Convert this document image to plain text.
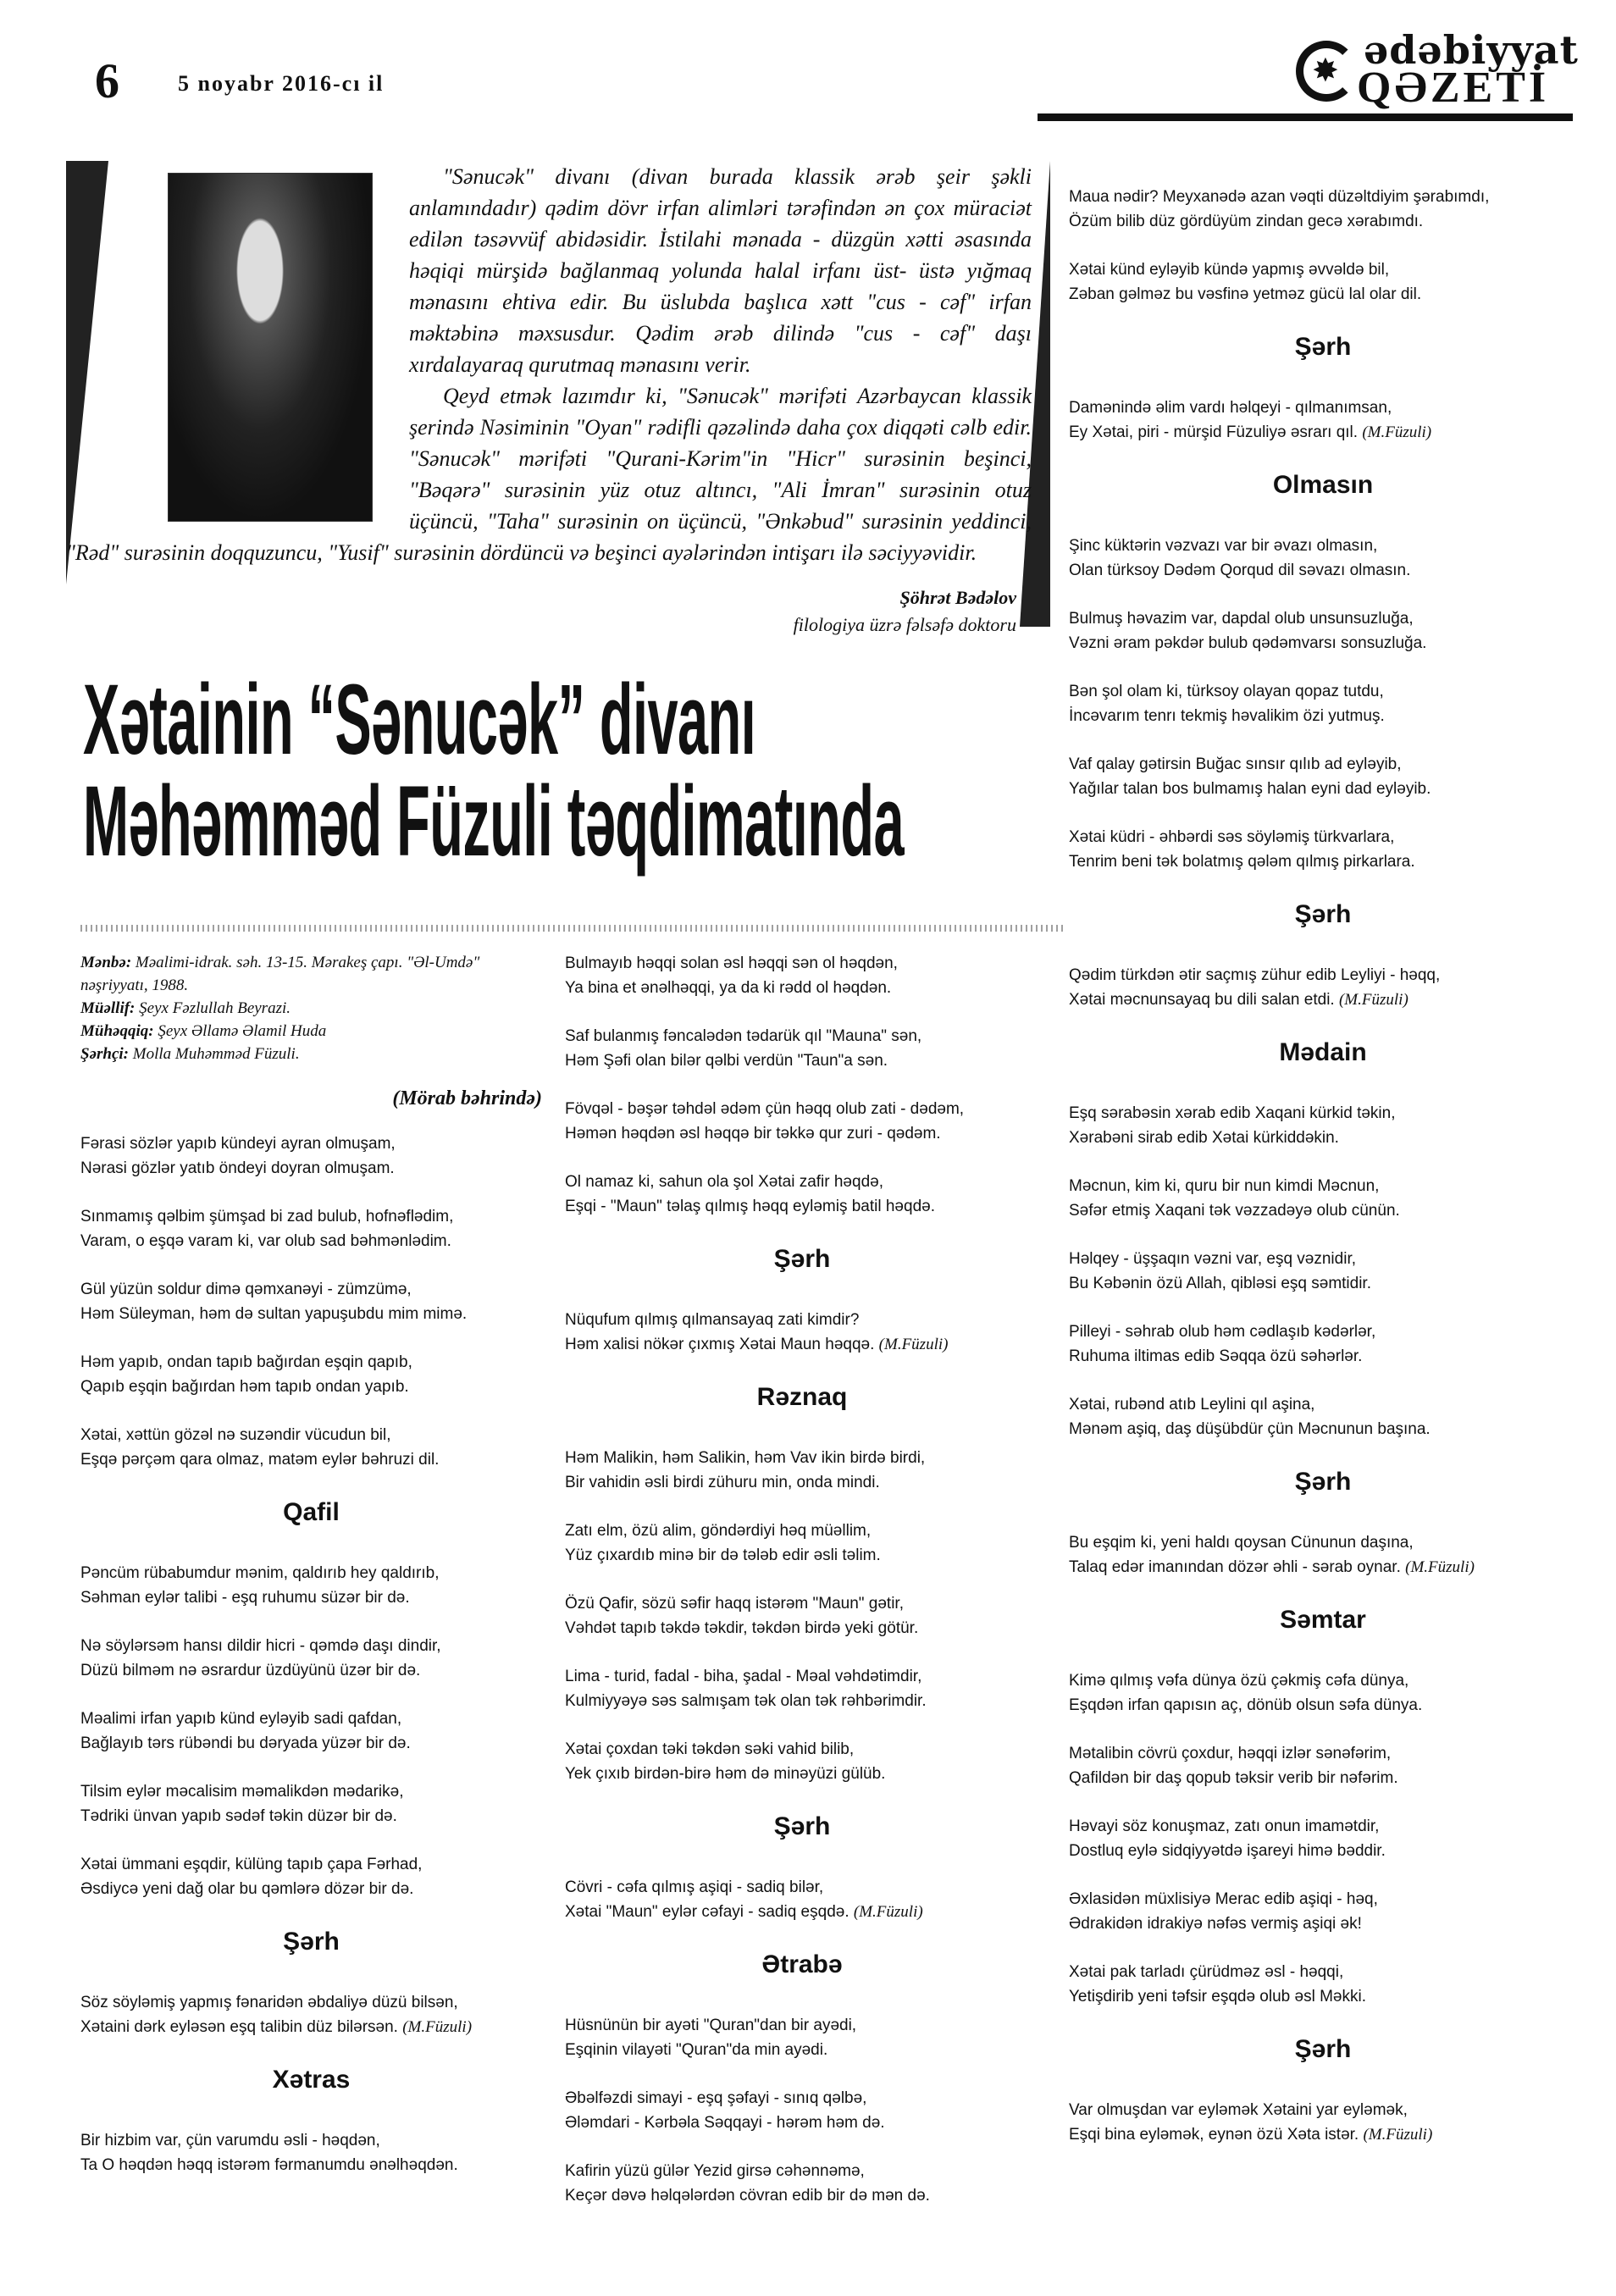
6	5 noyabr 2016-cı il
✸
ədəbiyyat
QƏZETİ

"Sənucək" divanı (divan burada klassik ərəb şeir şəkli anlamındadır) qədim dövr irfan alimləri tərəfindən ən çox müraciət edilən təsəvvüf abidəsidir. İstilahi mənada - düzgün xətti əsasında həqiqi mürşidə bağlanmaq yolunda halal irfanı üst- üstə yığmaq mənasını ehtiva edir. Bu üslubda başlıca xətt "cus - cəf" irfan məktəbinə məxsusdur. Qədim ərəb dilində "cus - cəf" daşı xırdalayaraq qurutmaq mənasını verir.

Qeyd etmək lazımdır ki, "Sənucək" mərifəti Azərbaycan klassik şerində Nəsiminin "Oyan" rədifli qəzəlində daha çox diqqəti cəlb edir. "Sənucək" mərifəti "Qurani-Kərim"in "Hicr" surəsinin beşinci, "Bəqərə" surəsinin yüz otuz altıncı, "Ali İmran" surəsinin otuz üçüncü, "Taha" surəsinin on üçüncü, "Ənkəbud" surəsinin yeddinci, "Rəd" surəsinin doqquzuncu, "Yusif" surəsinin dördüncü və beşinci ayələrindən intişarı ilə səciyyəvidir.

Şöhrət Bədəlov
filologiya üzrə fəlsəfə doktoru
Xətainin “Sənucək” divanı
Məhəmməd Füzuli təqdimatında
Mənbə: Məalimi-idrak. səh. 13-15. Mərakeş çapı. "Əl-Umdə" nəşriyyatı, 1988.
Müəllif: Şeyx Fəzlullah Beyrazi.
Mühəqqiq: Şeyx Əllamə Əlamil Huda
Şərhçi: Molla Muhəmməd Füzuli.
(Mörab bəhrində)
Fərasi sözlər yapıb kündeyi ayran olmuşam,
Nərasi gözlər yatıb öndeyi doyran olmuşam.
Sınmamış qəlbim şümşad bi zad bulub, hofnəflədim,
Varam, o eşqə varam ki, var olub sad bəhmənlədim.
Gül yüzün soldur dimə qəmxanəyi - zümzümə,
Həm Süleyman, həm də sultan yapuşubdu mim mimə.
Həm yapıb, ondan tapıb bağırdan eşqin qapıb,
Qapıb eşqin bağırdan həm tapıb ondan yapıb.
Xətai, xəttün gözəl nə suzəndir vücudun bil,
Eşqə pərçəm qara olmaz, matəm eylər bəhruzi dil.
Qafil
Pəncüm rübabumdur mənim, qaldırıb hey qaldırıb,
Səhman eylər talibi - eşq ruhumu süzər bir də.
Nə söylərsəm hansı dildir hicri - qəmdə daşı dindir,
Düzü bilməm nə əsrardur üzdüyünü üzər bir də.
Məalimi irfan yapıb künd eyləyib sadi qafdan,
Bağlayıb tərs rübəndi bu dəryada yüzər bir də.
Tilsim eylər məcalisim məmalikdən mədarikə,
Tədriki ünvan yapıb sədəf təkin düzər bir də.
Xətai ümmani eşqdir, külüng tapıb çapa Fərhad,
Əsdiycə yeni dağ olar bu qəmlərə dözər bir də.
Şərh
Söz söyləmiş yapmış fənaridən əbdaliyə düzü bilsən,
Xətaini dərk eyləsən eşq talibin düz bilərsən. (M.Füzuli)
Xətras
Bir hizbim var, çün varumdu əsli - həqdən,
Ta O həqdən həqq istərəm fərmanumdu ənəlhəqdən.
Bulmayıb həqqi solan əsl həqqi sən ol həqdən,
Ya bina et ənəlhəqqi, ya da ki rədd ol həqdən.
Saf bulanmış fəncalədən tədarük qıl "Mauna" sən,
Həm Şəfi olan bilər qəlbi verdün "Taun"a sən.
Fövqəl - bəşər təhdəl ədəm çün həqq olub zati - dədəm,
Həmən həqdən əsl həqqə bir təkkə qur zuri - qədəm.
Ol namaz ki, sahun ola şol Xətai zafir həqdə,
Eşqi - "Maun" təlaş qılmış həqq eyləmiş batil həqdə.
Şərh
Nüqufum qılmış qılmansayaq zati kimdir?
Həm xalisi nökər çıxmış Xətai Maun həqqə. (M.Füzuli)
Rəznaq
Həm Malikin, həm Salikin, həm Vav ikin birdə birdi,
Bir vahidin əsli birdi zühuru min, onda mindi.
Zatı elm, özü alim, göndərdiyi həq müəllim,
Yüz çıxardıb minə bir də tələb edir əsli təlim.
Özü Qafir, sözü səfir haqq istərəm "Maun" gətir,
Vəhdət tapıb təkdə təkdir, təkdən birdə yeki götür.
Lima - turid, fadal - biha, şadal - Məal vəhdətimdir,
Kulmiyyəyə səs salmışam tək olan tək rəhbərimdir.
Xətai çoxdan təki təkdən səki vahid bilib,
Yek çıxıb birdən-birə həm də minəyüzi gülüb.
Şərh
Cövri - cəfa qılmış aşiqi - sadiq bilər,
Xətai "Maun" eylər cəfayi - sadiq eşqdə. (M.Füzuli)
Ətrabə
Hüsnünün bir ayəti "Quran"dan bir ayədi,
Eşqinin vilayəti "Quran"da min ayədi.
Əbəlfəzdi simayi - eşq şəfayi - sınıq qəlbə,
Ələmdari - Kərbəla Səqqayi - hərəm həm də.
Kafirin yüzü gülər Yezid girsə cəhənnəmə,
Keçər dəvə həlqələrdən cövran edib bir də mən də.
Maua nədir? Meyxanədə azan vəqti düzəltdiyim şərabımdı,
Özüm bilib düz gördüyüm zindan gecə xərabımdı.
Xətai künd eyləyib kündə yapmış əvvəldə bil,
Zəban gəlməz bu vəsfinə yetməz gücü lal olar dil.
Şərh
Damənində əlim vardı həlqeyi - qılmanımsan,
Ey Xətai, piri - mürşid Füzuliyə əsrarı qıl. (M.Füzuli)
Olmasın
Şinc küktərin vəzvazı var bir əvazı olmasın,
Olan türksoy Dədəm Qorqud dil səvazı olmasın.
Bulmuş həvazim var, dapdal olub unsunsuzluğa,
Vəzni əram pəkdər bulub qədəmvarsı sonsuzluğa.
Bən şol olam ki, türksoy olayan qopaz tutdu,
İncəvarım tenrı tekmiş həvalikim özi yutmuş.
Vaf qalay gətirsin Buğac sınsır qılıb ad eyləyib,
Yağılar talan bos bulmamış halan eyni dad eyləyib.
Xətai küdri - əhbərdi səs söyləmiş türkvarlara,
Tenrim beni tək bolatmış qələm qılmış pirkarlara.
Şərh
Qədim türkdən ətir saçmış zühur edib Leyliyi - həqq,
Xətai məcnunsayaq bu dili salan etdi. (M.Füzuli)
Mədain
Eşq sərabəsin xərab edib Xaqani kürkid təkin,
Xərabəni sirab edib Xətai kürkiddəkin.
Məcnun, kim ki, quru bir nun kimdi Məcnun,
Səfər etmiş Xaqani tək vəzzadəyə olub cünün.
Həlqey - üşşaqın vəzni var, eşq vəznidir,
Bu Kəbənin özü Allah, qibləsi eşq səmtidir.
Pilleyi - səhrab olub həm cədlaşıb kədərlər,
Ruhuma iltimas edib Səqqa özü səhərlər.
Xətai, rubənd atıb Leylini qıl aşina,
Mənəm aşiq, daş düşübdür çün Məcnunun başına.
Şərh
Bu eşqim ki, yeni haldı qoysan Cünunun daşına,
Talaq edər imanından dözər əhli - sərab oynar. (M.Füzuli)
Səmtar
Kimə qılmış vəfa dünya özü çəkmiş cəfa dünya,
Eşqdən irfan qapısın aç, dönüb olsun səfa dünya.
Mətalibin cövrü çoxdur, həqqi izlər sənəfərim,
Qafildən bir daş qopub təksir verib bir nəfərim.
Həvayi söz konuşmaz, zatı onun imamətdir,
Dostluq eylə sidqiyyətdə işareyi himə bəddir.
Əxlasidən müxlisiyə Merac edib aşiqi - həq,
Ədrakidən idrakiyə nəfəs vermiş aşiqi ək!
Xətai pak tarladı çürüdməz əsl - həqqi,
Yetişdirib yeni təfsir eşqdə olub əsl Məkki.
Şərh
Var olmuşdan var eyləmək Xətaini yar eyləmək,
Eşqi bina eyləmək, eynən özü Xəta istər. (M.Füzuli)
